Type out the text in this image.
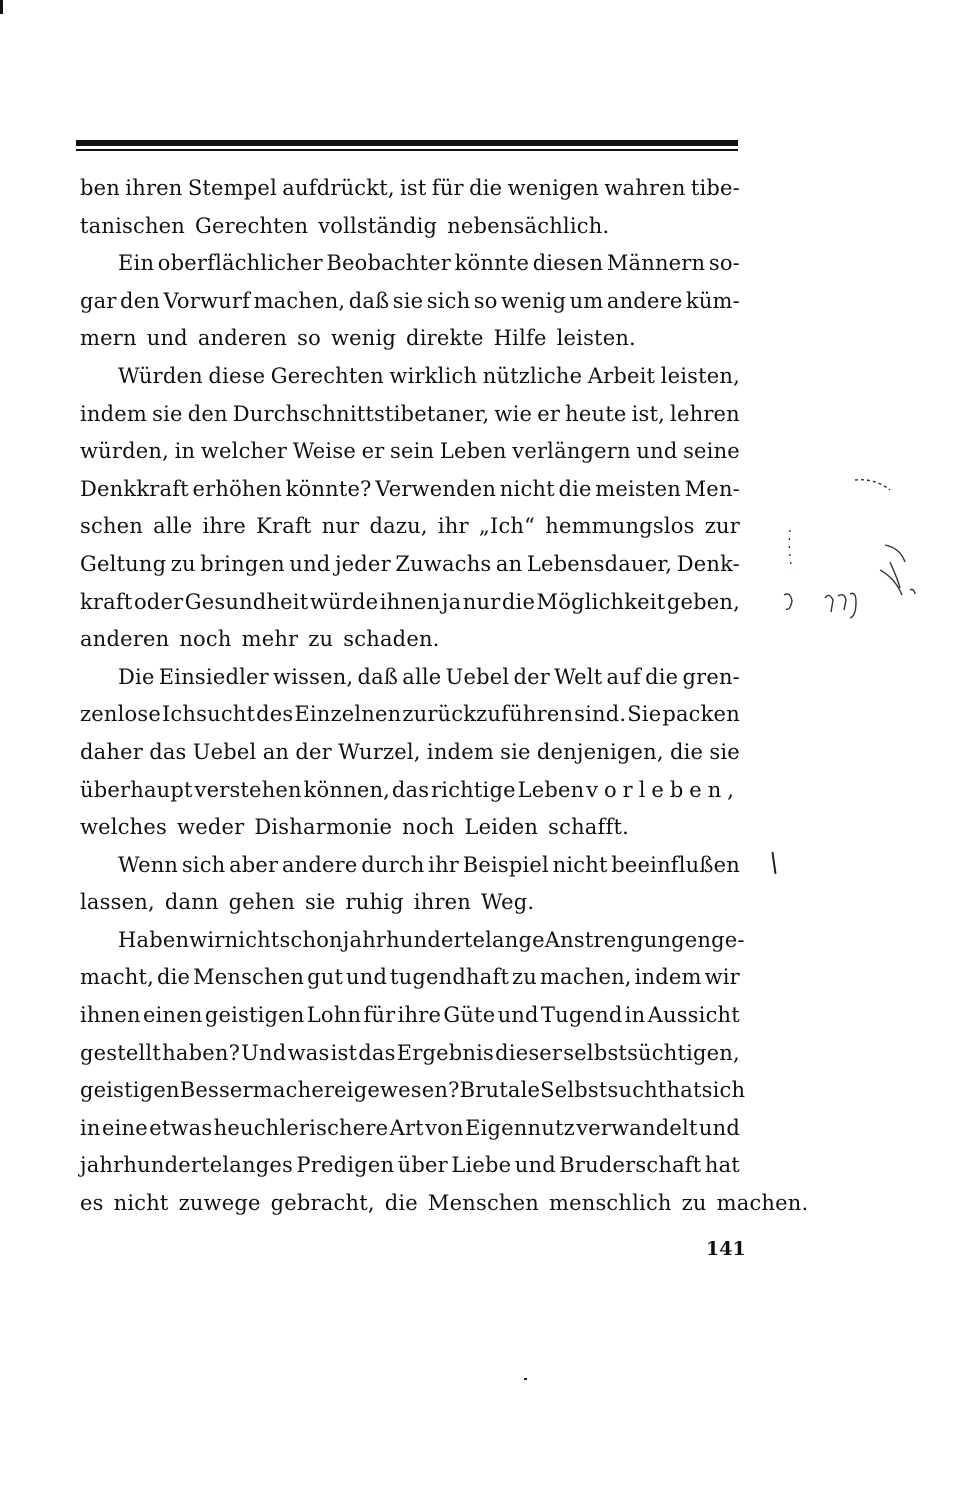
ben ihren Stempel aufdrückt, ist für die wenigen wahren tibe-
tanischen Gerechten vollständig nebensächlich.
Ein oberflächlicher Beobachter könnte diesen Männern so-
gar den Vorwurf machen, daß sie sich so wenig um andere küm-
mern und anderen so wenig direkte Hilfe leisten.
Würden diese Gerechten wirklich nützliche Arbeit leisten,
indem sie den Durchschnittstibetaner, wie er heute ist, lehren
würden, in welcher Weise er sein Leben verlängern und seine
Denkkraft erhöhen könnte? Verwenden nicht die meisten Men-
schen alle ihre Kraft nur dazu, ihr „Ich“ hemmungslos zur
Geltung zu bringen und jeder Zuwachs an Lebensdauer, Denk-
kraft oder Gesundheit würde ihnen ja nur die Möglichkeit geben,
anderen noch mehr zu schaden.
Die Einsiedler wissen, daß alle Uebel der Welt auf die gren-
zenlose Ichsucht des Einzelnen zurückzuführen sind. Sie packen
daher das Uebel an der Wurzel, indem sie denjenigen, die sie
überhaupt verstehen können, das richtige Leben vorleben,
welches weder Disharmonie noch Leiden schafft.
Wenn sich aber andere durch ihr Beispiel nicht beeinflußen
lassen, dann gehen sie ruhig ihren Weg.
Haben wir nicht schon jahrhundertelange Anstrengungen ge-
macht, die Menschen gut und tugendhaft zu machen, indem wir
ihnen einen geistigen Lohn für ihre Güte und Tugend in Aussicht
gestellt haben? Und was ist das Ergebnis dieser selbstsüchtigen,
geistigen Bessermacherei gewesen? Brutale Selbstsucht hat sich
in eine etwas heuchlerischere Art von Eigennutz verwandelt und
jahrhundertelanges Predigen über Liebe und Bruderschaft hat
es nicht zuwege gebracht, die Menschen menschlich zu machen.
141
